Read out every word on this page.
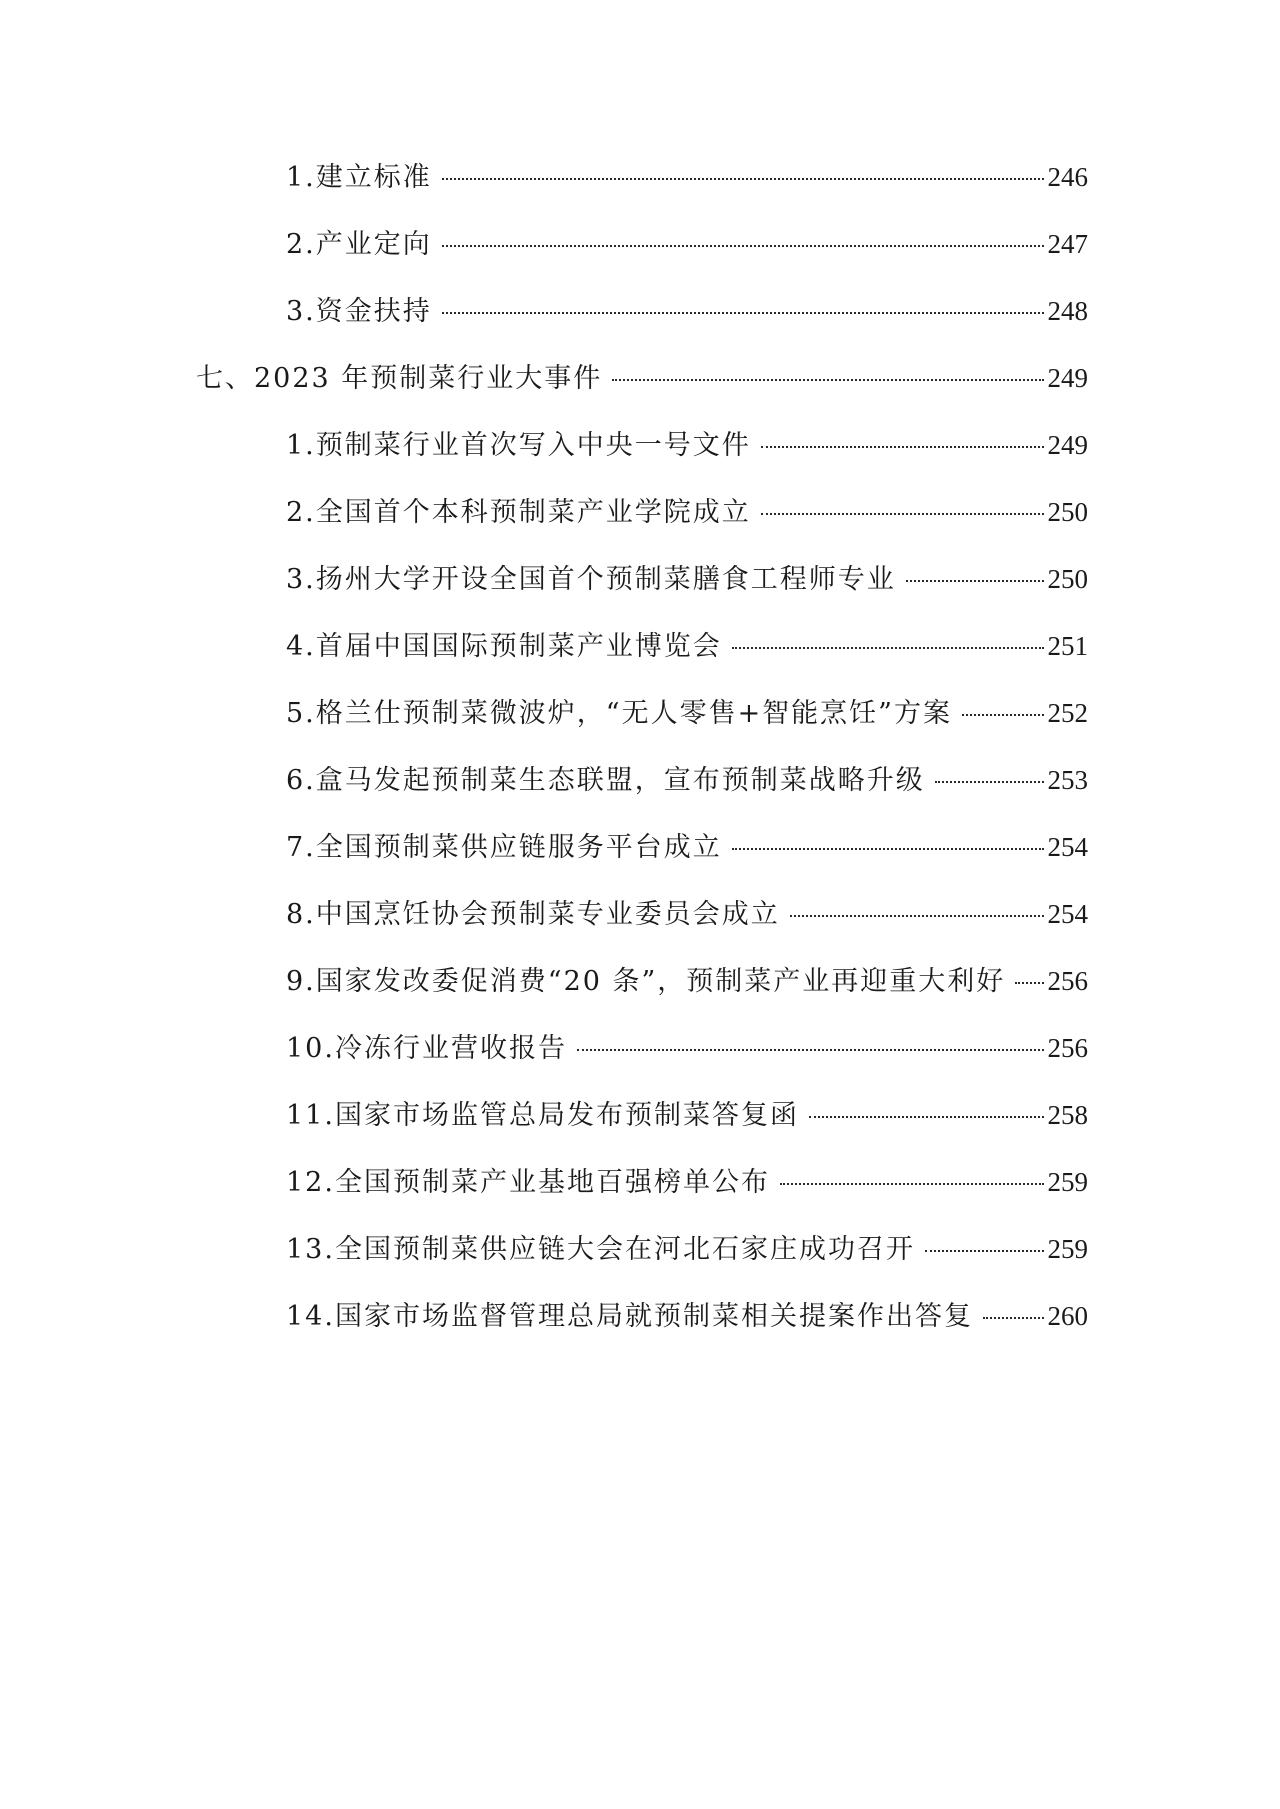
1.建立标准	246
2.产业定向	247
3.资金扶持	248
七、2023 年预制菜行业大事件	249
1.预制菜行业首次写入中央一号文件	249
2.全国首个本科预制菜产业学院成立	250
3.扬州大学开设全国首个预制菜膳食工程师专业	250
4.首届中国国际预制菜产业博览会	251
5.格兰仕预制菜微波炉，“无人零售+智能烹饪”方案	252
6.盒马发起预制菜生态联盟，宣布预制菜战略升级	253
7.全国预制菜供应链服务平台成立	254
8.中国烹饪协会预制菜专业委员会成立	254
9.国家发改委促消费“20 条”，预制菜产业再迎重大利好 256
10.冷冻行业营收报告	256
11.国家市场监管总局发布预制菜答复函	258
12.全国预制菜产业基地百强榜单公布	259
13.全国预制菜供应链大会在河北石家庄成功召开	259
14.国家市场监督管理总局就预制菜相关提案作出答复	260
